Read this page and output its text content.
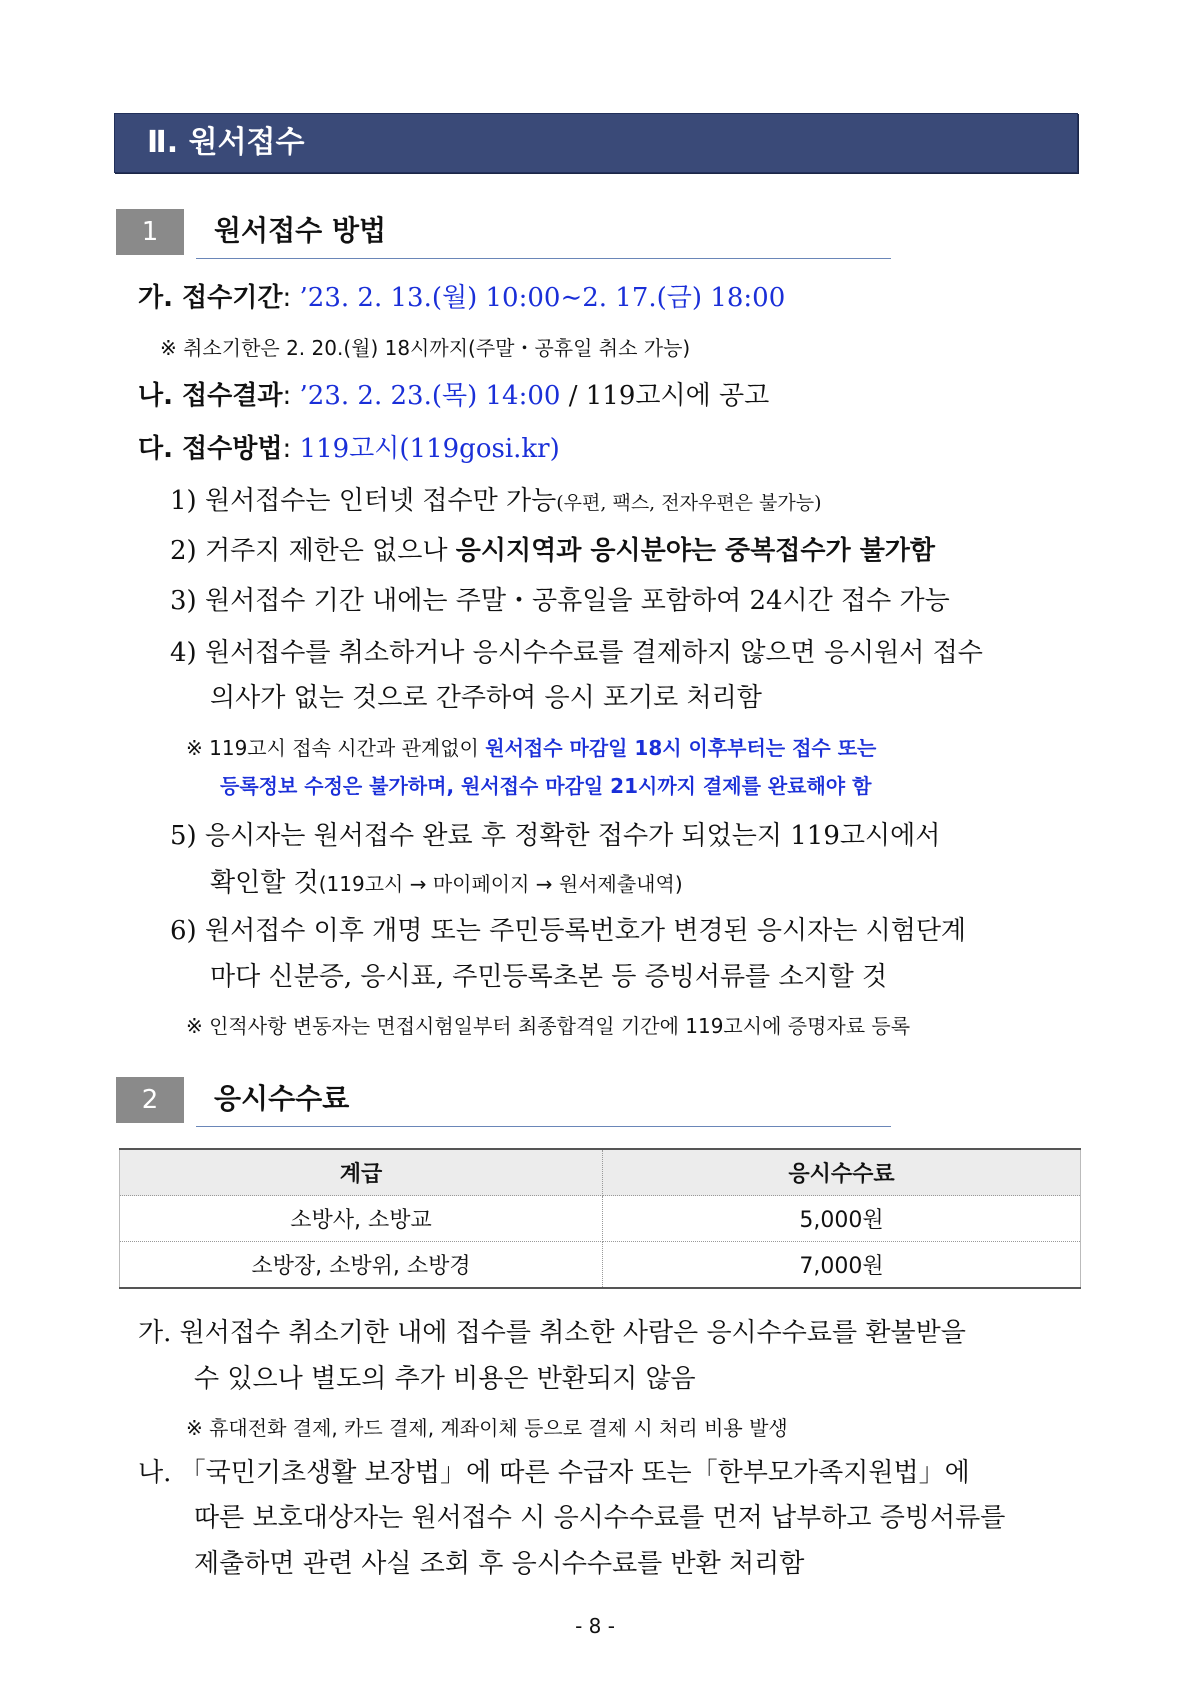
Ⅱ. 원서접수
1	원서접수 방법
가. 접수기간: ’23. 2. 13.(월) 10:00∼2. 17.(금) 18:00
※ 취소기한은 2. 20.(월) 18시까지(주말・공휴일 취소 가능)
나. 접수결과: ’23. 2. 23.(목) 14:00 / 119고시에 공고
다. 접수방법: 119고시(119gosi.kr)
1) 원서접수는 인터넷 접수만 가능(우편, 팩스, 전자우편은 불가능)
2) 거주지 제한은 없으나 응시지역과 응시분야는 중복접수가 불가함
3) 원서접수 기간 내에는 주말・공휴일을 포함하여 24시간 접수 가능
4) 원서접수를 취소하거나 응시수수료를 결제하지 않으면 응시원서 접수
의사가 없는 것으로 간주하여 응시 포기로 처리함
※ 119고시 접속 시간과 관계없이 원서접수 마감일 18시 이후부터는 접수 또는
등록정보 수정은 불가하며, 원서접수 마감일 21시까지 결제를 완료해야 함
5) 응시자는 원서접수 완료 후 정확한 접수가 되었는지 119고시에서
확인할 것(119고시 → 마이페이지 → 원서제출내역)
6) 원서접수 이후 개명 또는 주민등록번호가 변경된 응시자는 시험단계
마다 신분증, 응시표, 주민등록초본 등 증빙서류를 소지할 것
※ 인적사항 변동자는 면접시험일부터 최종합격일 기간에 119고시에 증명자료 등록
2	응시수수료
계급	응시수수료
소방사, 소방교	5,000원
소방장, 소방위, 소방경	7,000원
가. 원서접수 취소기한 내에 접수를 취소한 사람은 응시수수료를 환불받을
수 있으나 별도의 추가 비용은 반환되지 않음
※ 휴대전화 결제, 카드 결제, 계좌이체 등으로 결제 시 처리 비용 발생
나. 「국민기초생활 보장법」에 따른 수급자 또는「한부모가족지원법」에
따른 보호대상자는 원서접수 시 응시수수료를 먼저 납부하고 증빙서류를
제출하면 관련 사실 조회 후 응시수수료를 반환 처리함
- 8 -
